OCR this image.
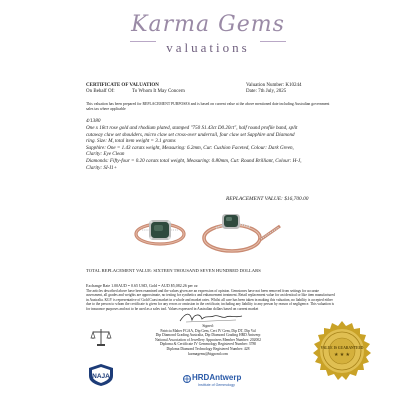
Karma Gems
valuations
CERTIFICATE OF VALUATION
On Behalf Of:	To Whom It May Concern
Valuation Number: K10244
Date: 7th July, 2025
This valuation has been prepared for REPLACEMENT PURPOSES and is based on current value at the above mentioned date including Australian government sales tax where applicable
4/1380

One x 18ct rose gold and rhodium plated, stamped "750 S1.43ct D0.20ct", half round profile band, split

cutaway claw set shoulders, micro claw set cross-over underrail, four claw set Sapphire and Diamond

ring. Size: M, total item weight = 3.1 grams

Sapphire: One = 1.43 carats weight, Measuring: 6.2mm, Cut: Cushion Faceted, Colour: Dark Green,

Clarity: Eye Clean

Diamonds: Fifty-four = 0.20 carats total weight, Measuring: 0.80mm, Cut: Round Brilliant, Colour: H-J,

Clarity: SI-I1+

REPLACEMENT VALUE: $16,700.00
TOTAL REPLACEMENT VALUE: SIXTEEN THOUSAND SEVEN HUNDRED DOLLARS
Exchange Rate 1.00AUD = 0.65 USD, Gold = AUD $5,082.26 per oz
The articles described above have been examined and the values given are an expression of opinion. Gemstones have not been removed from settings for accurate assessment, all grades and weights are approximate, no testing for synthetics and enhancement treatment. Retail replacement value for an identical or like item manufactured in Australia. KGV is representative of Gold Coast market in a whole and market rates. Whilst all care has been taken in making this valuation, no liability is accepted either due to the person to whom the certificate is given for any errors or omission in the certificate, including any liability to any person by reason of negligence. This valuation is for insurance purposes and not to be used as a sales tool. Values expressed in Australian dollars based on current market
Signed:
Patricia Maher FGAA, Dip Gem, Cert IV Gem, Dip DT, Dip Val
Dip Diamond Grading Australia, Dip Diamond Grading HRD Antwerp
National Association of Jewellery Appraisers Member Number: 202002
Diploma & Certificate IV Gemmology Registered Number: 3780
Diploma Diamond Technology Registered Number: 428
karmagems@bigpond.com
NAJA
VALUE IS GUARANTEED
★ ★ ★
HRDAntwerp
Institute of Gemmology
